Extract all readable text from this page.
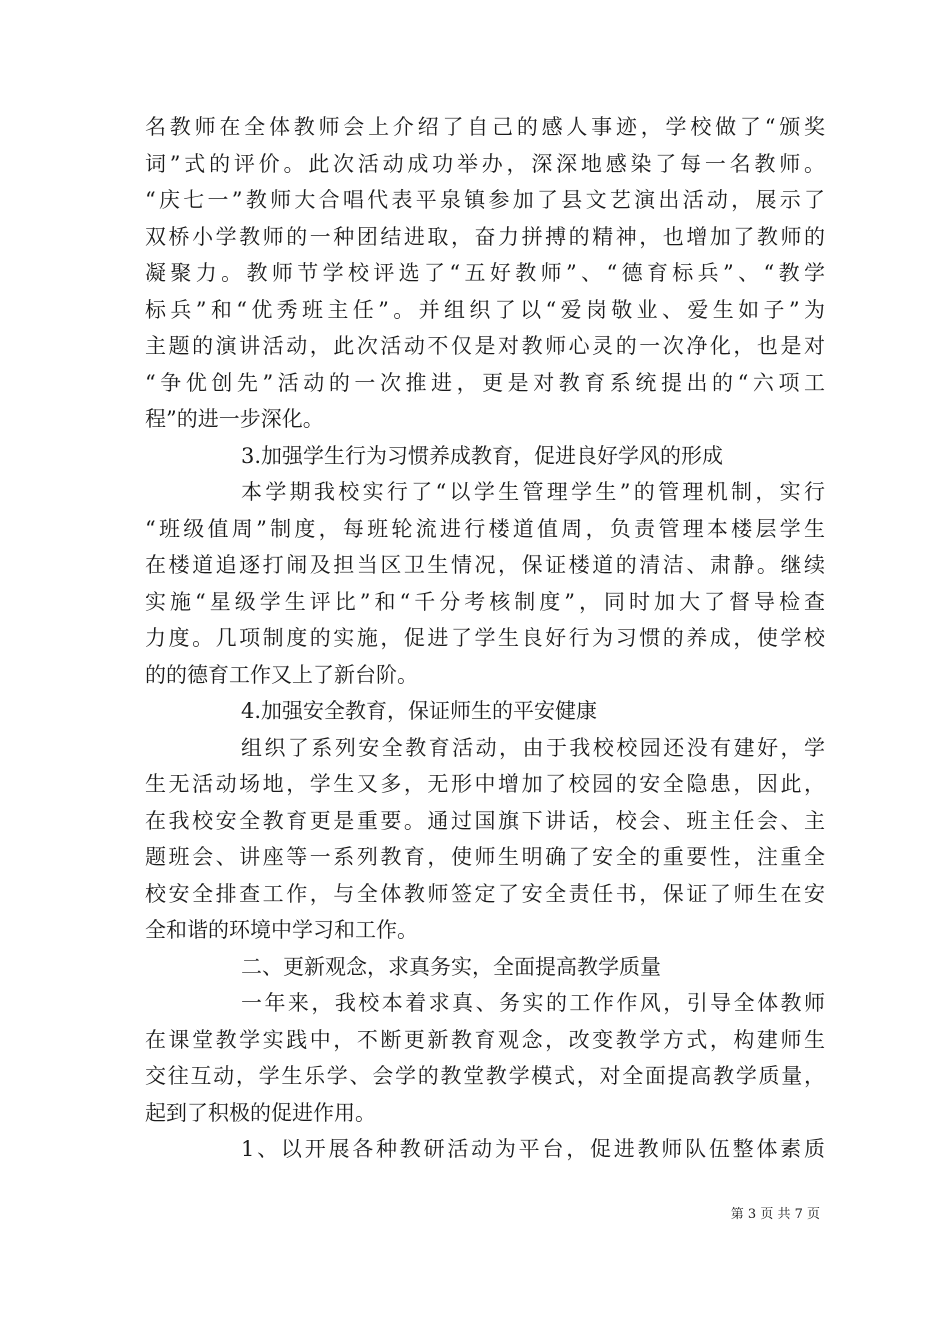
名教师在全体教师会上介绍了自己的感人事迹，学校做了“颁奖
词”式的评价。此次活动成功举办，深深地感染了每一名教师。
“庆七一”教师大合唱代表平泉镇参加了县文艺演出活动，展示了
双桥小学教师的一种团结进取，奋力拼搏的精神，也增加了教师的
凝聚力。教师节学校评选了“五好教师”、“德育标兵”、“教学
标兵”和“优秀班主任”。并组织了以“爱岗敬业、爱生如子”为
主题的演讲活动，此次活动不仅是对教师心灵的一次净化，也是对
“争优创先”活动的一次推进，更是对教育系统提出的“六项工
程”的进一步深化。
3.加强学生行为习惯养成教育，促进良好学风的形成
本学期我校实行了“以学生管理学生”的管理机制，实行
“班级值周”制度，每班轮流进行楼道值周，负责管理本楼层学生
在楼道追逐打闹及担当区卫生情况，保证楼道的清洁、肃静。继续
实施“星级学生评比”和“千分考核制度”，同时加大了督导检查
力度。几项制度的实施，促进了学生良好行为习惯的养成，使学校
的的德育工作又上了新台阶。
4.加强安全教育，保证师生的平安健康
组织了系列安全教育活动，由于我校校园还没有建好，学
生无活动场地，学生又多，无形中增加了校园的安全隐患，因此，
在我校安全教育更是重要。通过国旗下讲话，校会、班主任会、主
题班会、讲座等一系列教育，使师生明确了安全的重要性，注重全
校安全排查工作，与全体教师签定了安全责任书，保证了师生在安
全和谐的环境中学习和工作。
二、更新观念，求真务实，全面提高教学质量
一年来，我校本着求真、务实的工作作风，引导全体教师
在课堂教学实践中，不断更新教育观念，改变教学方式，构建师生
交往互动，学生乐学、会学的教堂教学模式，对全面提高教学质量，
起到了积极的促进作用。
1、以开展各种教研活动为平台，促进教师队伍整体素质
第 3 页 共 7 页
